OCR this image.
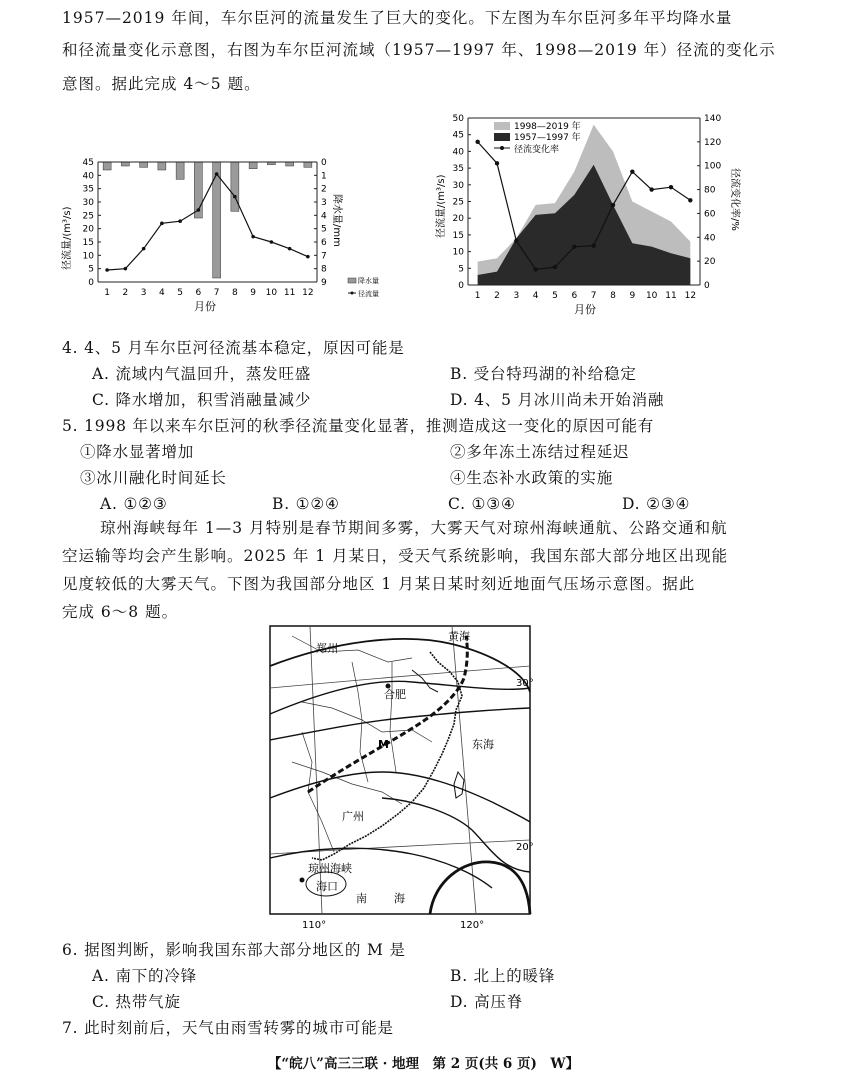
1957—2019 年间，车尔臣河的流量发生了巨大的变化。下左图为车尔臣河多年平均降水量

和径流量变化示意图，右图为车尔臣河流域（1957—1997 年、1998—2019 年）径流的变化示

意图。据此完成 4～5 题。

0
5
10
15
20
25
30
35
40
45	0
1
2
3
4
5
6
7
8
9
1 2 3 4 5 6 7 8 9 10 11 12
径流量/(m³/s)	降水量/mm
月份
降水量
径流量
0
5
10
15
20
25
30
35
40
45
50
0
20
40
60
80
100
120
140
1 2 3 4 5 6 7 8 9 10 11 12
径流量/(m³/s)	径流变化率/%
月份
1998—2019 年
1957—1997 年
径流变化率
4. 4、5 月车尔臣河径流基本稳定，原因可能是
A. 流域内气温回升，蒸发旺盛	B. 受台特玛湖的补给稳定
C. 降水增加，积雪消融量减少	D. 4、5 月冰川尚未开始消融
5. 1998 年以来车尔臣河的秋季径流量变化显著，推测造成这一变化的原因可能有
①降水显著增加	②多年冻土冻结过程延迟
③冰川融化时间延长	④生态补水政策的实施
A. ①②③	B. ①②④	C. ①③④	D. ②③④

琼州海峡每年 1—3 月特别是春节期间多雾，大雾天气对琼州海峡通航、公路交通和航

空运输等均会产生影响。2025 年 1 月某日，受天气系统影响，我国东部大部分地区出现能

见度较低的大雾天气。下图为我国部分地区 1 月某日某时刻近地面气压场示意图。据此

完成 6～8 题。

郑州
合肥
黄海
东海
M
广州
琼州海峡
海口
南 海
30°
20°
110°	120°
6. 据图判断，影响我国东部大部分地区的 M 是
A. 南下的冷锋	B. 北上的暖锋
C. 热带气旋	D. 高压脊
7. 此时刻前后，天气由雨雪转雾的城市可能是
【“皖八”高三三联 · 地理　第 2 页(共 6 页)　W】
